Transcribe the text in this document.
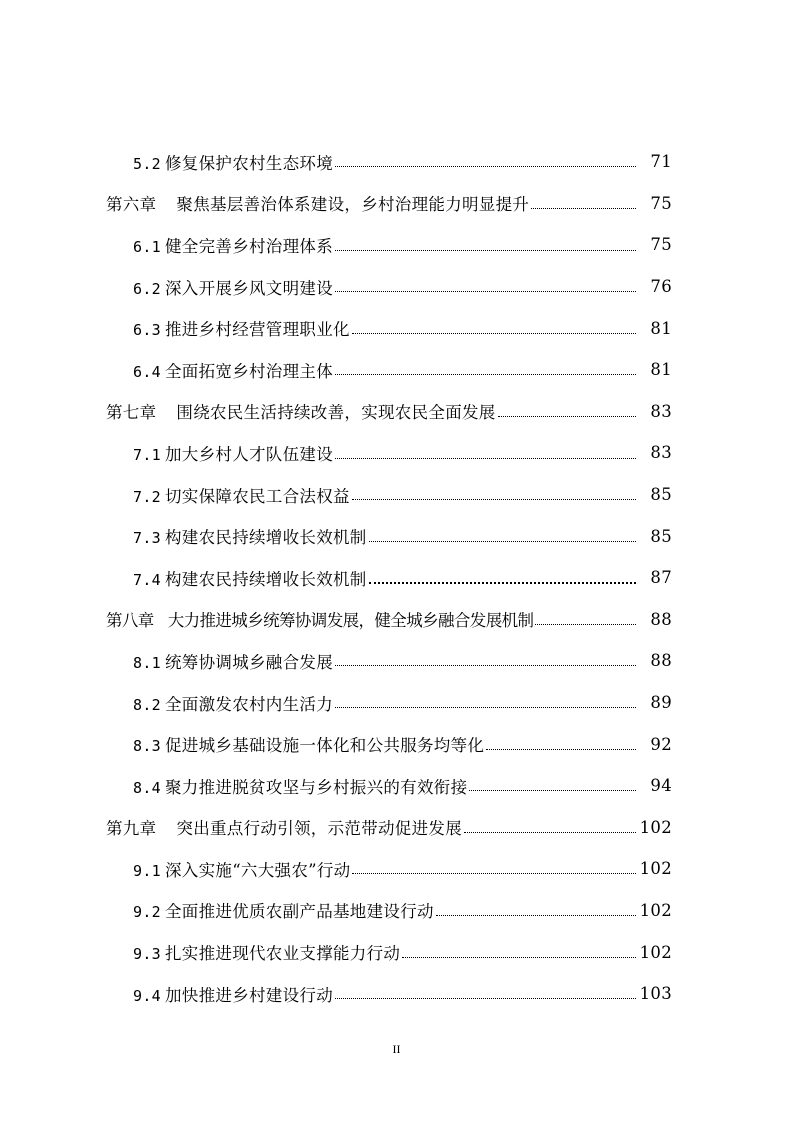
5.2 修复保护农村生态环境	71
第六章 聚焦基层善治体系建设，乡村治理能力明显提升	75
6.1 健全完善乡村治理体系	75
6.2 深入开展乡风文明建设	76
6.3 推进乡村经营管理职业化	81
6.4 全面拓宽乡村治理主体	81
第七章 围绕农民生活持续改善，实现农民全面发展	83
7.1 加大乡村人才队伍建设	83
7.2 切实保障农民工合法权益	85
7.3 构建农民持续增收长效机制	85
7.4 构建农民持续增收长效机制	87
第八章 大力推进城乡统筹协调发展，健全城乡融合发展机制	88
8.1 统筹协调城乡融合发展	88
8.2 全面激发农村内生活力	89
8.3 促进城乡基础设施一体化和公共服务均等化	92
8.4 聚力推进脱贫攻坚与乡村振兴的有效衔接	94
第九章 突出重点行动引领，示范带动促进发展	102
9.1 深入实施“六大强农”行动	102
9.2 全面推进优质农副产品基地建设行动	102
9.3 扎实推进现代农业支撑能力行动	102
9.4 加快推进乡村建设行动	103
II
